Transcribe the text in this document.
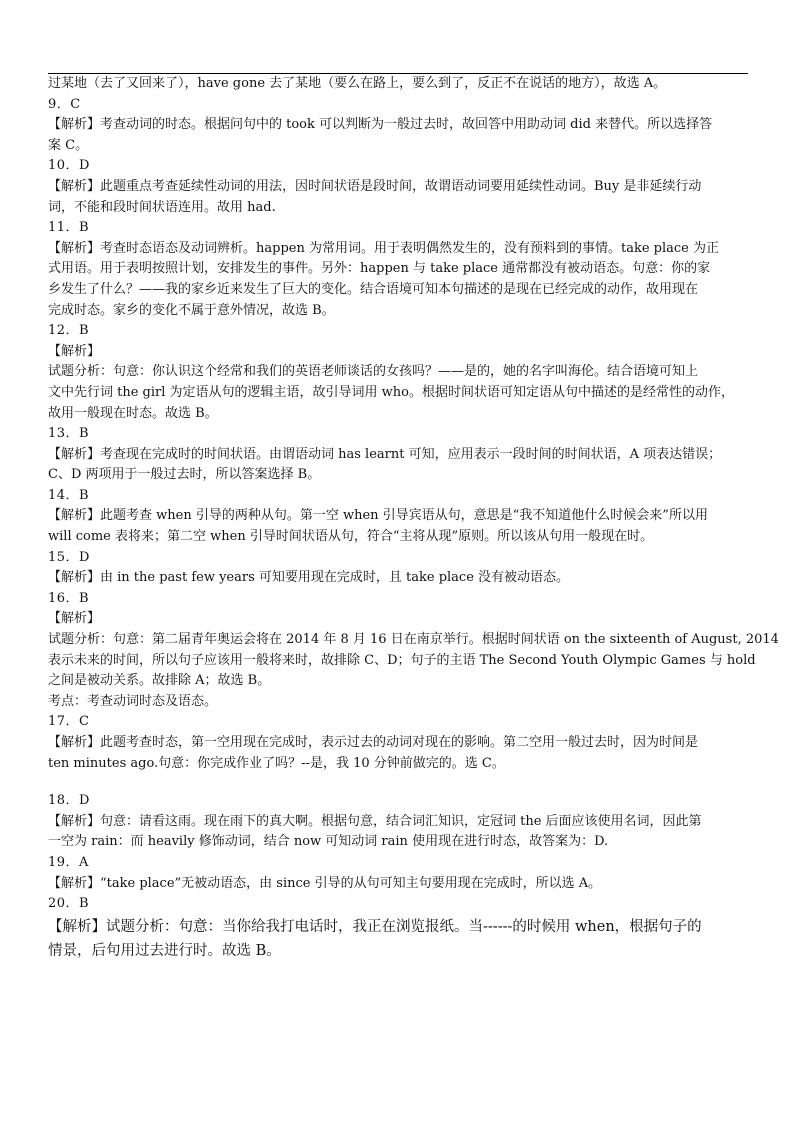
过某地（去了又回来了），have gone 去了某地（要么在路上，要么到了，反正不在说话的地方），故选 A。
9．C
【解析】考查动词的时态。根据问句中的 took 可以判断为一般过去时，故回答中用助动词 did 来替代。所以选择答
案 C。
10．D
【解析】此题重点考查延续性动词的用法，因时间状语是段时间，故谓语动词要用延续性动词。Buy 是非延续行动
词，不能和段时间状语连用。故用 had.
11．B
【解析】考查时态语态及动词辨析。happen 为常用词。用于表明偶然发生的，没有预料到的事情。take place 为正
式用语。用于表明按照计划，安排发生的事件。另外：happen 与 take place 通常都没有被动语态。句意：你的家
乡发生了什么？——我的家乡近来发生了巨大的变化。结合语境可知本句描述的是现在已经完成的动作，故用现在
完成时态。家乡的变化不属于意外情况，故选 B。
12．B
【解析】
试题分析：句意：你认识这个经常和我们的英语老师谈话的女孩吗？——是的，她的名字叫海伦。结合语境可知上
文中先行词 the girl 为定语从句的逻辑主语，故引导词用 who。根据时间状语可知定语从句中描述的是经常性的动作，
故用一般现在时态。故选 B。
13．B
【解析】考查现在完成时的时间状语。由谓语动词 has learnt 可知，应用表示一段时间的时间状语，A 项表达错误；
C、D 两项用于一般过去时，所以答案选择 B。
14．B
【解析】此题考查 when 引导的两种从句。第一空 when 引导宾语从句，意思是“我不知道他什么时候会来”所以用
will come 表将来；第二空 when 引导时间状语从句，符合“主将从现”原则。所以该从句用一般现在时。
15．D
【解析】由 in the past few years 可知要用现在完成时，且 take place 没有被动语态。
16．B
【解析】
试题分析：句意：第二届青年奥运会将在 2014 年 8 月 16 日在南京举行。根据时间状语 on the sixteenth of August, 2014
表示未来的时间，所以句子应该用一般将来时，故排除 C、D；句子的主语 The Second Youth Olympic Games 与 hold
之间是被动关系。故排除 A；故选 B。
考点：考查动词时态及语态。
17．C
【解析】此题考查时态，第一空用现在完成时，表示过去的动词对现在的影响。第二空用一般过去时，因为时间是
ten minutes ago.句意：你完成作业了吗？--是，我 10 分钟前做完的。选 C。
18．D
【解析】句意：请看这雨。现在雨下的真大啊。根据句意，结合词汇知识，定冠词 the 后面应该使用名词，因此第
一空为 rain：而 heavily 修饰动词，结合 now 可知动词 rain 使用现在进行时态，故答案为：D.
19．A
【解析】“take place”无被动语态，由 since 引导的从句可知主句要用现在完成时，所以选 A。
20．B
【解析】试题分析：句意：当你给我打电话时，我正在浏览报纸。当------的时候用 when，根据句子的
情景，后句用过去进行时。故选 B。
